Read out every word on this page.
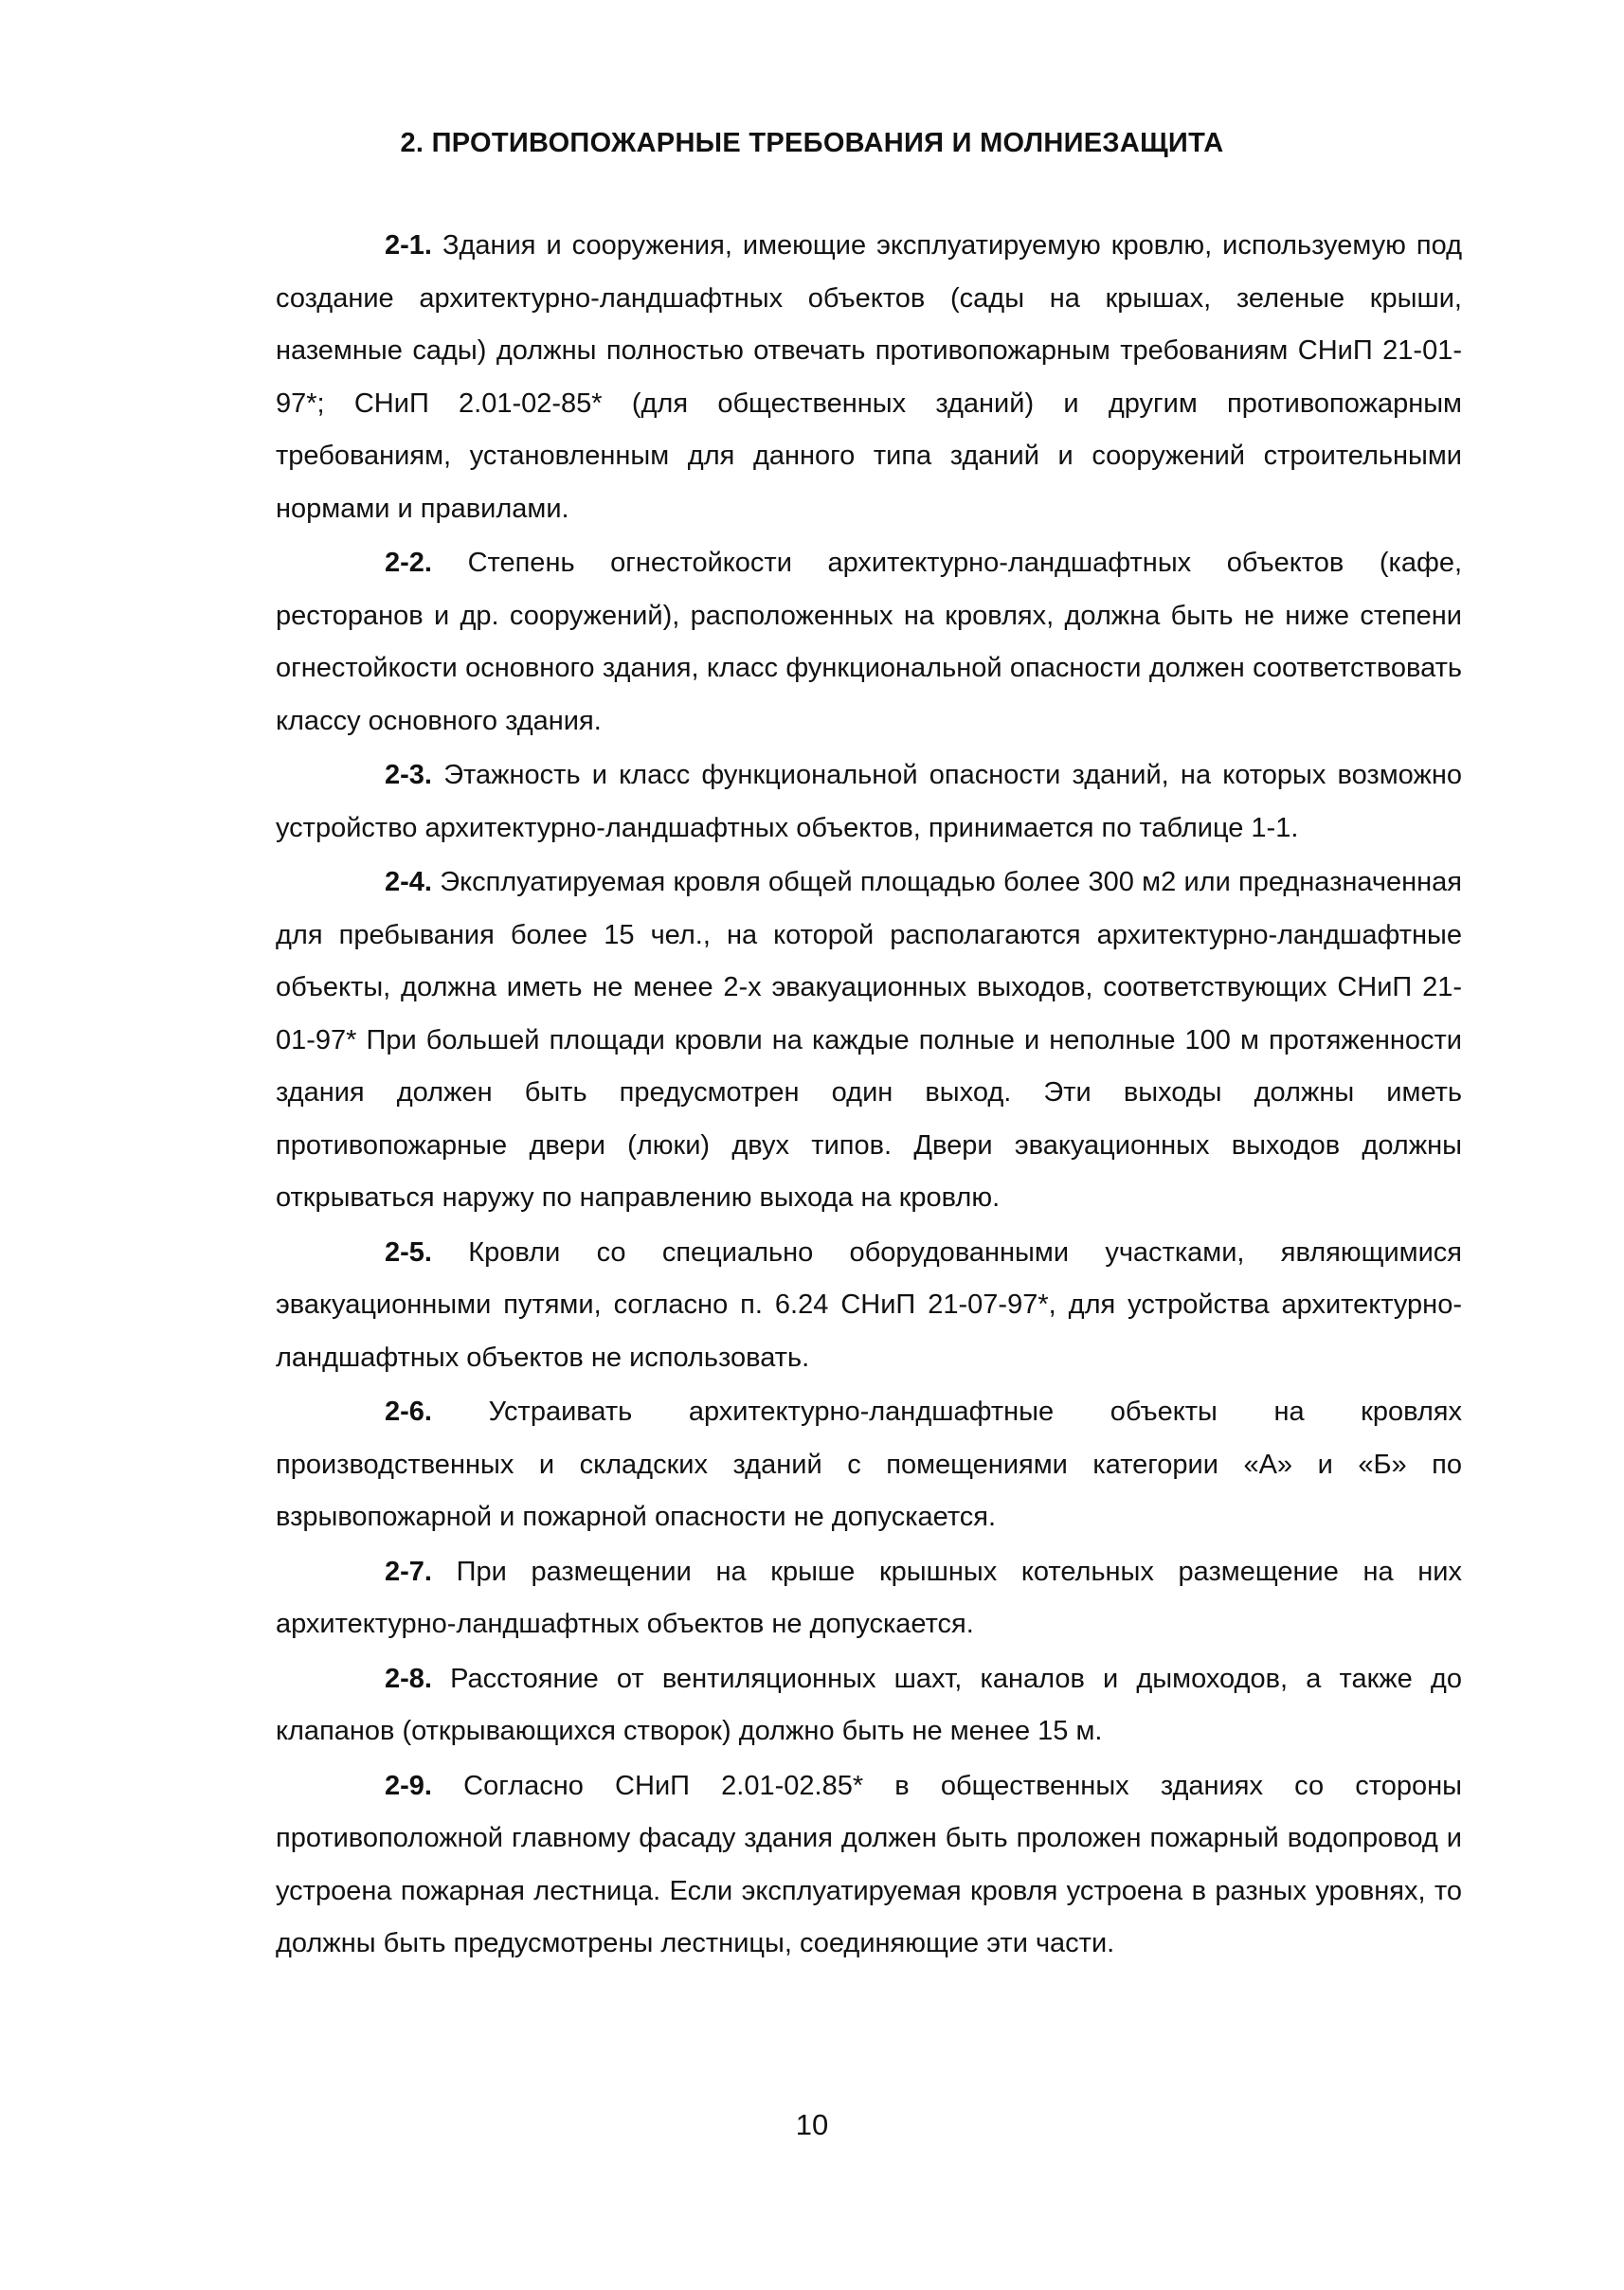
2. ПРОТИВОПОЖАРНЫЕ ТРЕБОВАНИЯ И МОЛНИЕЗАЩИТА

2-1. Здания и сооружения, имеющие эксплуатируемую кровлю, используемую под создание архитектурно-ландшафтных объектов (сады на крышах, зеленые крыши, наземные сады) должны полностью отвечать противопожарным требованиям СНиП 21-01-97*; СНиП 2.01-02-85* (для общественных зданий) и другим противопожарным требованиям, установленным для данного типа зданий и сооружений строительными нормами и правилами.

2-2. Степень огнестойкости архитектурно-ландшафтных объектов (кафе, ресторанов и др. сооружений), расположенных на кровлях, должна быть не ниже степени огнестойкости основного здания, класс функциональной опасности должен соответствовать классу основного здания.

2-3. Этажность и класс функциональной опасности зданий, на которых возможно устройство архитектурно-ландшафтных объектов, принимается по таблице 1-1.

2-4. Эксплуатируемая кровля общей площадью более 300 м2 или предназначенная для пребывания более 15 чел., на которой располагаются архитектурно-ландшафтные объекты, должна иметь не менее 2-х эвакуационных выходов, соответствующих СНиП 21-01-97* При большей площади кровли на каждые полные и неполные 100 м протяженности здания должен быть предусмотрен один выход. Эти выходы должны иметь противопожарные двери (люки) двух типов. Двери эвакуационных выходов должны открываться наружу по направлению выхода на кровлю.

2-5. Кровли со специально оборудованными участками, являющимися эвакуационными путями, согласно п. 6.24 СНиП 21-07-97*, для устройства архитектурно-ландшафтных объектов не использовать.

2-6. Устраивать архитектурно-ландшафтные объекты на кровлях производственных и складских зданий с помещениями категории «А» и «Б» по взрывопожарной и пожарной опасности не допускается.

2-7. При размещении на крыше крышных котельных размещение на них архитектурно-ландшафтных объектов не допускается.

2-8. Расстояние от вентиляционных шахт, каналов и дымоходов, а также до клапанов (открывающихся створок) должно быть не менее 15 м.

2-9. Согласно СНиП 2.01-02.85* в общественных зданиях со стороны противоположной главному фасаду здания должен быть проложен пожарный водопровод и устроена пожарная лестница. Если эксплуатируемая кровля устроена в разных уровнях, то должны быть предусмотрены лестницы, соединяющие эти части.

10
